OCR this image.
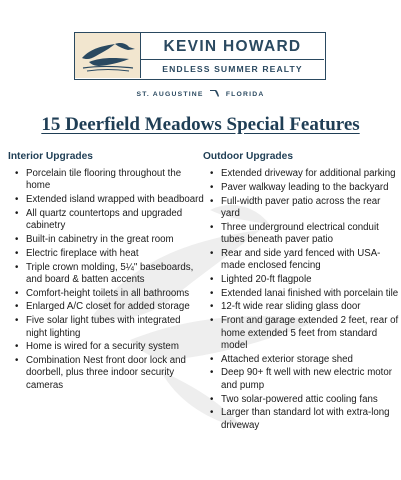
KEVIN HOWARD
ENDLESS SUMMER REALTY
ST. AUGUSTINE	FLORIDA
15 Deerfield Meadows Special Features
Interior Upgrades
• Porcelain tile flooring throughout the home
• Extended island wrapped with beadboard
• All quartz countertops and upgraded cabinetry
• Built-in cabinetry in the great room
• Electric fireplace with heat
• Triple crown molding, 5¼" baseboards, and board & batten accents
• Comfort-height toilets in all bathrooms
• Enlarged A/C closet for added storage
• Five solar light tubes with integrated night lighting
• Home is wired for a security system
• Combination Nest front door lock and doorbell, plus three indoor security cameras
Outdoor Upgrades
• Extended driveway for additional parking
• Paver walkway leading to the backyard
• Full-width paver patio across the rear yard
• Three underground electrical conduit tubes beneath paver patio
• Rear and side yard fenced with USA-made enclosed fencing
• Lighted 20-ft flagpole
• Extended lanai finished with porcelain tile
• 12-ft wide rear sliding glass door
• Front and garage extended 2 feet, rear of home extended 5 feet from standard model
• Attached exterior storage shed
• Deep 90+ ft well with new electric motor and pump
• Two solar-powered attic cooling fans
• Larger than standard lot with extra-long driveway
